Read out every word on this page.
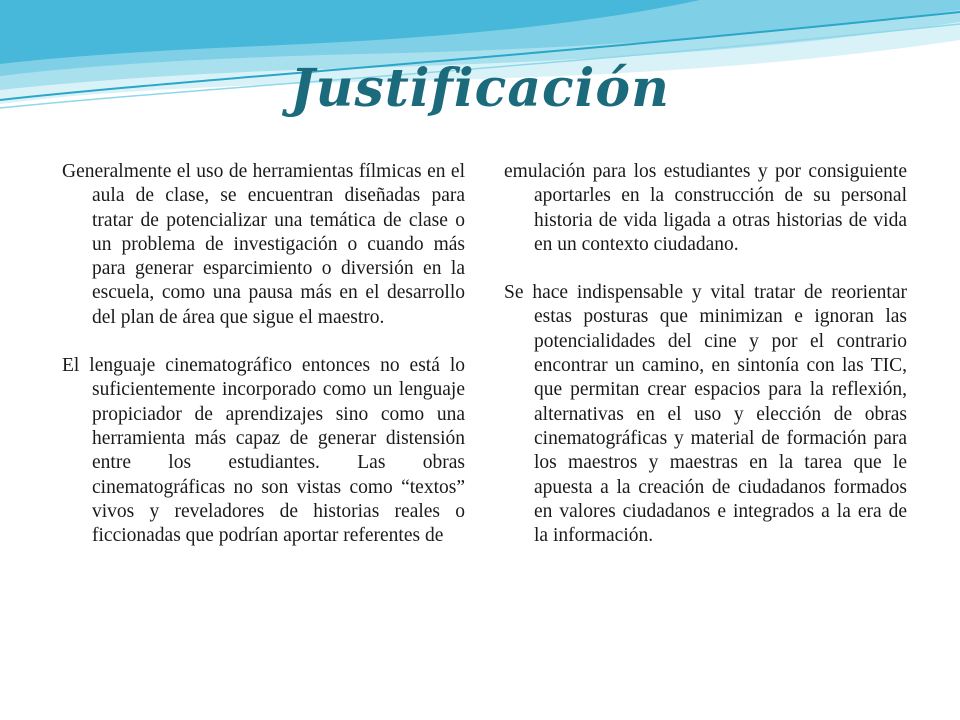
Justificación

Generalmente el uso de herramientas fílmicas en el aula de clase, se encuentran diseñadas para tratar de potencializar una temática de clase o un problema de investigación o cuando más para generar esparcimiento o diversión en la escuela, como una pausa más en el desarrollo del plan de área que sigue el maestro.

El lenguaje cinematográfico entonces no está lo suficientemente incorporado como un lenguaje propiciador de aprendizajes sino como una herramienta más capaz de generar distensión entre los estudiantes. Las obras cinematográficas no son vistas como “textos” vivos y reveladores de historias reales o ficcionadas que podrían aportar referentes de

emulación para los estudiantes y por consiguiente aportarles en la construcción de su personal historia de vida ligada a otras historias de vida en un contexto ciudadano.

Se hace indispensable y vital tratar de reorientar estas posturas que minimizan e ignoran las potencialidades del cine y por el contrario encontrar un camino, en sintonía con las TIC, que permitan crear espacios para la reflexión, alternativas en el uso y elección de obras cinematográficas y material de formación para los maestros y maestras en la tarea que le apuesta a la creación de ciudadanos formados en valores ciudadanos e integrados a la era de la información.
